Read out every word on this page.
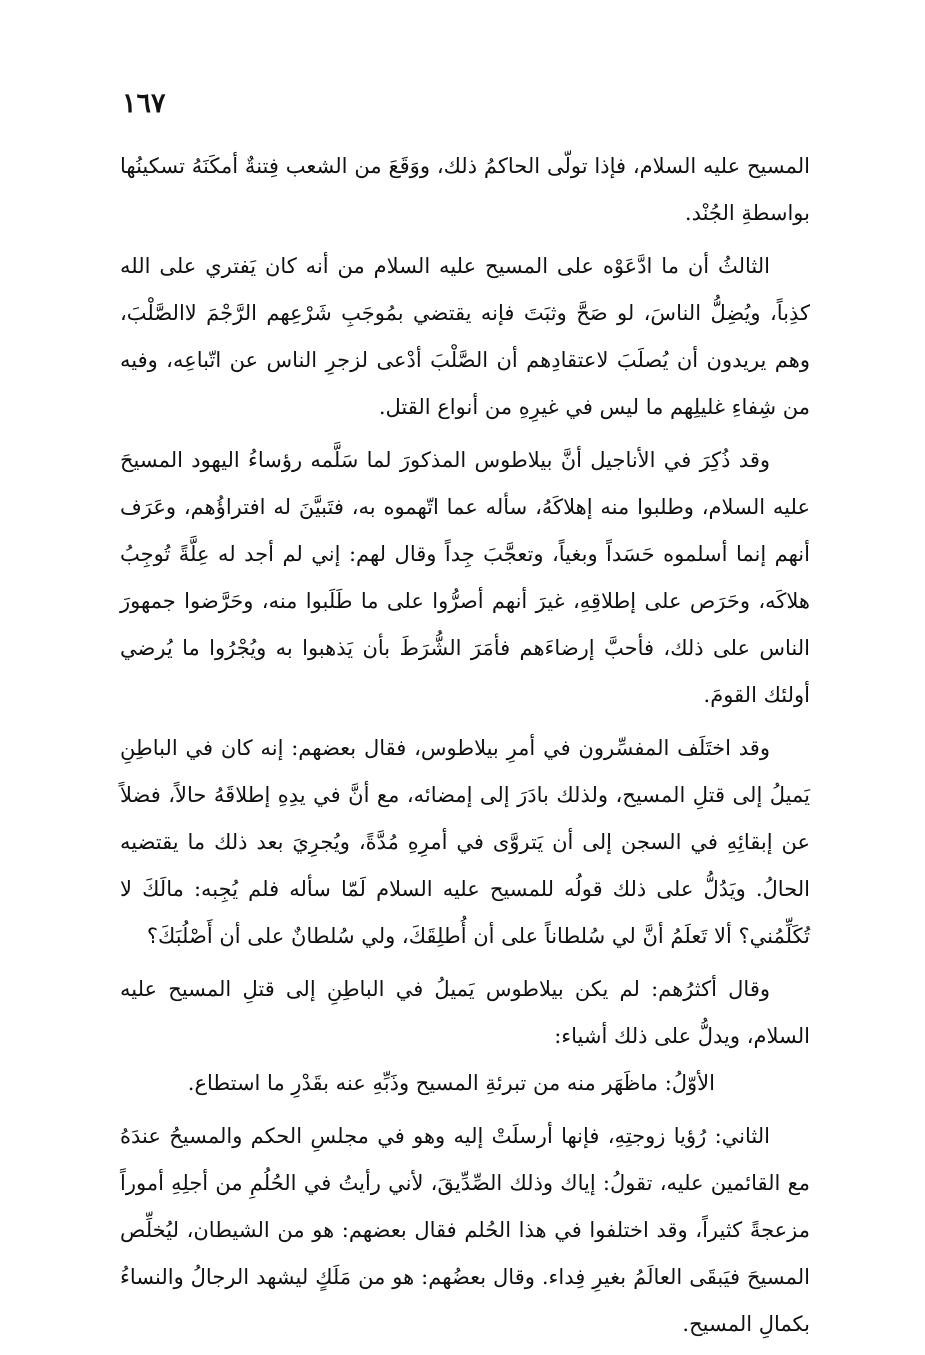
١٦٧

المسيح عليه السلام، فإذا تولّى الحاكمُ ذلك، ووَقَعَ من الشعب فِتنةٌ أمكَنَهُ تسكينُها بواسطةِ الجُنْد.

الثالثُ أن ما ادَّعَوْه على المسيح عليه السلام من أنه كان يَفتري على الله كذِباً، ويُضِلُّ الناسَ، لو صَحَّ وثبَتَ فإنه يقتضي بمُوجَبِ شَرْعِهم الرَّجْمَ لاالصَّلْبَ، وهم يريدون أن يُصلَبَ لاعتقادِهم أن الصَّلْبَ أدْعى لزجرِ الناس عن اتّباعِه، وفيه من شِفاءِ غليلِهم ما ليس في غيرِهِ من أنواع القتل.

وقد ذُكِرَ في الأناجيل أنَّ بيلاطوس المذكورَ لما سَلَّمه رؤساءُ اليهود المسيحَ عليه السلام، وطلبوا منه إهلاكَهُ، سأله عما اتّهموه به، فتَبيَّنَ له افتراؤُهم، وعَرَف أنهم إنما أسلموه حَسَداً وبغياً، وتعجَّبَ جِداً وقال لهم: إني لم أجد له عِلَّةً تُوجِبُ هلاكَه، وحَرَص على إطلاقِهِ، غيرَ أنهم أصرُّوا على ما طَلَبوا منه، وحَرَّضوا جمهورَ الناس على ذلك، فأحبَّ إرضاءَهم فأمَرَ الشُّرَطَ بأن يَذهبوا به ويُجْرُوا ما يُرضي أولئك القومَ.

وقد اختَلَف المفسِّرون في أمرِ بيلاطوس، فقال بعضهم: إنه كان في الباطِنِ يَميلُ إلى قتلِ المسيح، ولذلك بادَرَ إلى إمضائه، مع أنَّ في يدِهِ إطلاقَهُ حالاً، فضلاً عن إبقائِهِ في السجن إلى أن يَتروَّى في أمرِهِ مُدَّةً، ويُجرِيَ بعد ذلك ما يقتضيه الحالُ. ويَدُلُّ على ذلك قولُه للمسيح عليه السلام لَمّا سأله فلم يُجِبه: مالَكَ لا تُكَلِّمُني؟ ألا تَعلَمُ أنَّ لي سُلطاناً على أن أُطلِقَكَ، ولي سُلطانٌ على أن أَصْلُبَكَ؟

وقال أكثرُهم: لم يكن بيلاطوس يَميلُ في الباطِنِ إلى قتلِ المسيح عليه السلام، ويدلُّ على ذلك أشياء:

الأوّلُ: ماظَهَر منه من تبرئةِ المسيح وذَبِّهِ عنه بقَدْرِ ما استطاع.

الثاني: رُؤيا زوجتِهِ، فإنها أرسلَتْ إليه وهو في مجلسِ الحكم والمسيحُ عندَهُ مع القائمين عليه، تقولُ: إياك وذلك الصِّدِّيقَ، لأني رأيتُ في الحُلُمِ من أجلِهِ أموراً مزعجةً كثيراً، وقد اختلفوا في هذا الحُلم فقال بعضهم: هو من الشيطان، ليُخلِّص المسيحَ فيَبقَى العالَمُ بغيرِ فِداء. وقال بعضُهم: هو من مَلَكٍ ليشهد الرجالُ والنساءُ بكمالِ المسيح.
